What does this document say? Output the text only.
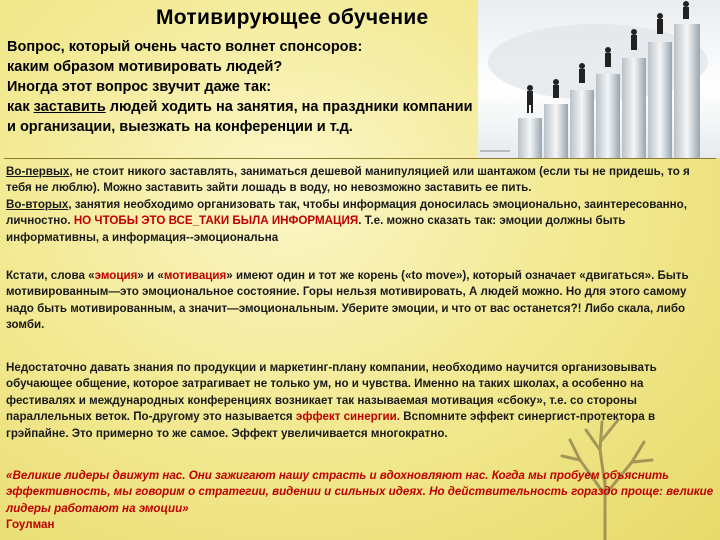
Мотивирующее обучение
Вопрос, который очень часто волнет спонсоров:
каким образом мотивировать людей?
Иногда этот вопрос звучит даже так:
как заставить людей ходить на занятия, на праздники компании
и организации, выезжать на конференции и т.д.
Во-первых, не стоит никого заставлять, заниматься дешевой манипуляцией или шантажом (если ты не придешь, то я тебя не люблю). Можно заставить зайти лошадь в воду, но невозможно заставить ее пить.
Во-вторых, занятия необходимо организовать так, чтобы информация доносилась эмоционально, заинтересованно, личностно. НО ЧТОБЫ ЭТО ВСЕ_ТАКИ БЫЛА ИНФОРМАЦИЯ. Т.е. можно сказать так: эмоции должны быть информативны, а информация--эмоциональна
Кстати, слова «эмоция» и «мотивация» имеют один и тот же корень («to move»), который означает «двигаться». Быть мотивированным—это эмоциональное состояние. Горы нельзя мотивировать, А людей можно. Но для этого самому надо быть мотивированным, а значит—эмоциональным. Уберите эмоции, и что от вас останется?! Либо скала, либо зомби.
Недостаточно давать знания по продукции и маркетинг-плану компании, необходимо научится организовывать обучающее общение, которое затрагивает не только ум, но и чувства. Именно на таких школах, а особенно на фестивалях и международных конференциях возникает так называемая мотивация «сбоку», т.е. со стороны параллельных веток. По-другому это называется эффект синергии. Вспомните эффект синергист-протектора в грэйпайне. Это примерно то же самое. Эффект увеличивается многократно.
«Великие лидеры движут нас. Они зажигают нашу страсть и вдохновляют нас. Когда мы пробуем объяснить эффективность, мы говорим о стратегии, видении и сильных идеях. Но действительность гораздо проще: великие лидеры работают на эмоции»
Гоулман
